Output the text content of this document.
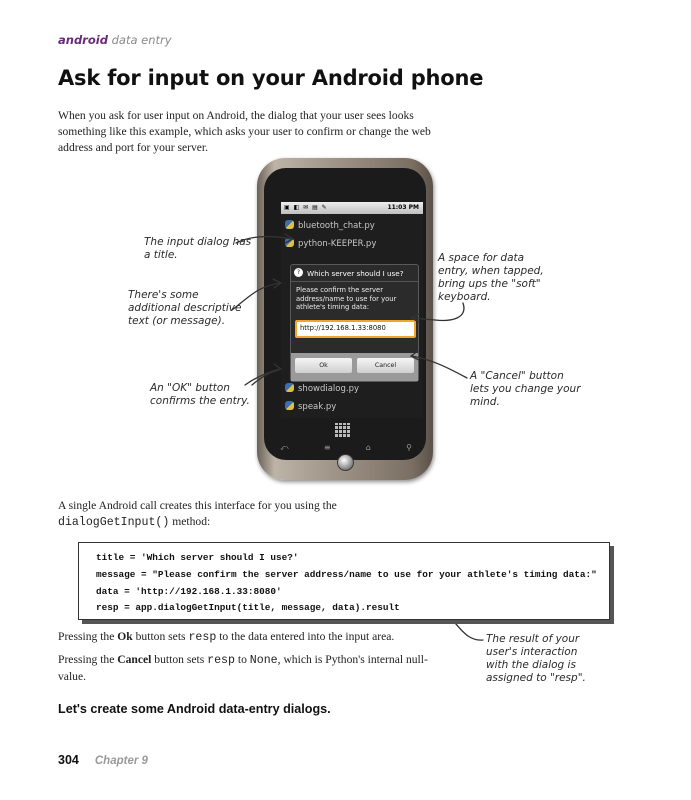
android data entry
Ask for input on your Android phone
When you ask for user input on Android, the dialog that your user sees looks something like this example, which asks your user to confirm or change the web address and port for your server.
▣ ◧ ✉ ▤ ✎	11:03 PM
bluetooth_chat.py
python-KEEPER.py
showdialog.py
speak.py
? Which server should I use?
Please confirm the server address/name to use for your athlete's timing data:
http://192.168.1.33:8080
Ok	Cancel
⤺	≡	⌂	⚲
The input dialog has
a title.
There's some
additional descriptive
text (or message).
An "OK" button
confirms the entry.
A space for data
entry, when tapped,
bring ups the "soft"
keyboard.
A "Cancel" button
lets you change your
mind.
The result of your
user's interaction
with the dialog is
assigned to "resp".
A single Android call creates this interface for you using the
dialogGetInput() method:
title = 'Which server should I use?'
message = "Please confirm the server address/name to use for your athlete's timing data:"
data = 'http://192.168.1.33:8080'
resp = app.dialogGetInput(title, message, data).result
Pressing the Ok button sets resp to the data entered into the input area.
Pressing the Cancel button sets resp to None, which is Python's internal null-value.
Let's create some Android data-entry dialogs.
304 Chapter 9
